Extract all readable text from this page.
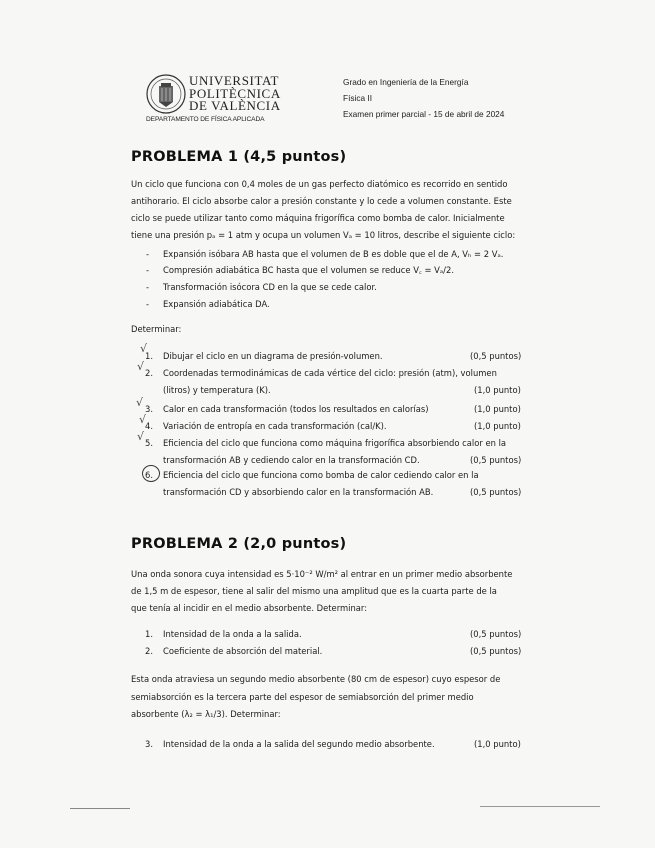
UNIVERSITAT
POLITÈCNICA
DE VALÈNCIA
DEPARTAMENTO DE FÍSICA APLICADA
Grado en Ingeniería de la Energía
Física II
Examen primer parcial - 15 de abril de 2024
PROBLEMA 1 (4,5 puntos)
Un ciclo que funciona con 0,4 moles de un gas perfecto diatómico es recorrido en sentido
antihorario. El ciclo absorbe calor a presión constante y lo cede a volumen constante. Este
ciclo se puede utilizar tanto como máquina frigorífica como bomba de calor. Inicialmente
tiene una presión pₐ = 1 atm y ocupa un volumen Vₐ = 10 litros, describe el siguiente ciclo:
- Expansión isóbara AB hasta que el volumen de B es doble que el de A, Vₕ = 2 Vₐ.
- Compresión adiabática BC hasta que el volumen se reduce V꜀ = Vₐ/2.
- Transformación isócora CD en la que se cede calor.
- Expansión adiabática DA.
Determinar:
√
1. Dibujar el ciclo en un diagrama de presión-volumen.	(0,5 puntos)
√ 2. Coordenadas termodinámicas de cada vértice del ciclo: presión (atm), volumen
(litros) y temperatura (K).	(1,0 punto)
√ 3. Calor en cada transformación (todos los resultados en calorías)	(1,0 punto)
√
4. Variación de entropía en cada transformación (cal/K).	(1,0 punto)
√ 5. Eficiencia del ciclo que funciona como máquina frigorífica absorbiendo calor en la
transformación AB y cediendo calor en la transformación CD.	(0,5 puntos)
6. Eficiencia del ciclo que funciona como bomba de calor cediendo calor en la
transformación CD y absorbiendo calor en la transformación AB.	(0,5 puntos)
PROBLEMA 2 (2,0 puntos)
Una onda sonora cuya intensidad es 5·10⁻² W/m² al entrar en un primer medio absorbente
de 1,5 m de espesor, tiene al salir del mismo una amplitud que es la cuarta parte de la
que tenía al incidir en el medio absorbente. Determinar:
1. Intensidad de la onda a la salida.	(0,5 puntos)
2. Coeficiente de absorción del material.	(0,5 puntos)
Esta onda atraviesa un segundo medio absorbente (80 cm de espesor) cuyo espesor de
semiabsorción es la tercera parte del espesor de semiabsorción del primer medio
absorbente (λ₂ = λ₁/3). Determinar:
3. Intensidad de la onda a la salida del segundo medio absorbente.	(1,0 punto)
